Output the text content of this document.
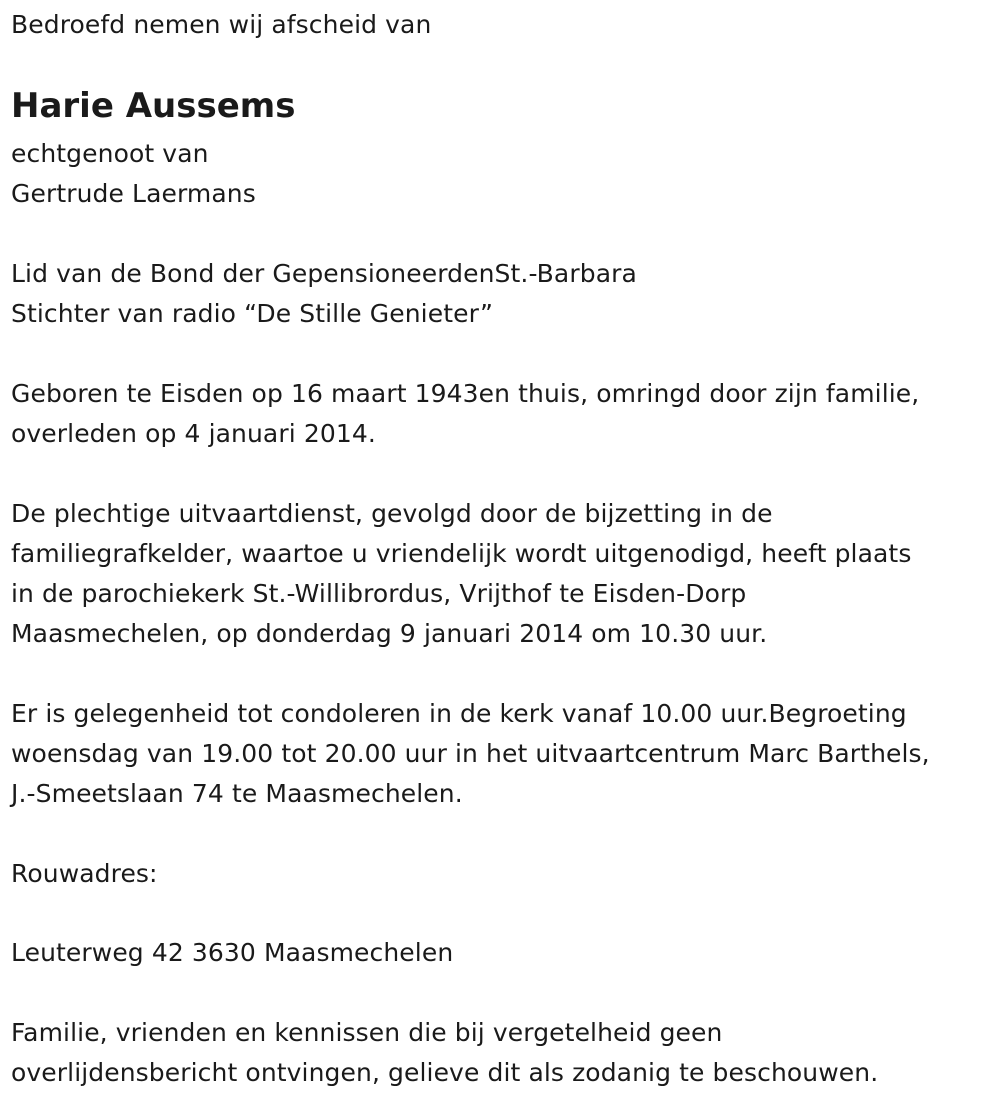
Bedroefd nemen wij afscheid van
Harie Aussems
echtgenoot van
Gertrude Laermans
Lid van de Bond der GepensioneerdenSt.-Barbara
Stichter van radio “De Stille Genieter”
Geboren te Eisden op 16 maart 1943en thuis, omringd door zijn familie,
overleden op 4 januari 2014.
De plechtige uitvaartdienst, gevolgd door de bijzetting in de
familiegrafkelder, waartoe u vriendelijk wordt uitgenodigd, heeft plaats
in de parochiekerk St.-Willibrordus, Vrijthof te Eisden-Dorp
Maasmechelen, op donderdag 9 januari 2014 om 10.30 uur.
Er is gelegenheid tot condoleren in de kerk vanaf 10.00 uur.Begroeting
woensdag van 19.00 tot 20.00 uur in het uitvaartcentrum Marc Barthels,
J.-Smeetslaan 74 te Maasmechelen.
Rouwadres:
Leuterweg 42 3630 Maasmechelen
Familie, vrienden en kennissen die bij vergetelheid geen
overlijdensbericht ontvingen, gelieve dit als zodanig te beschouwen.
